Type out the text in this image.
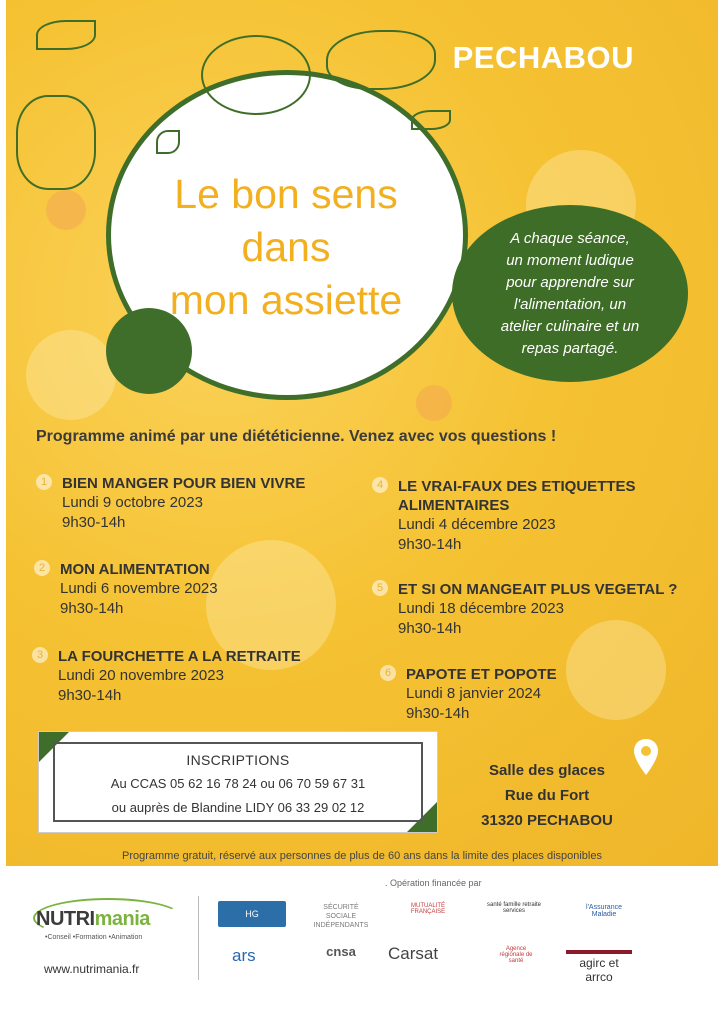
PECHABOU
Le bon sens
dans
mon assiette
A chaque séance,
un moment ludique
pour apprendre sur
l'alimentation, un
atelier culinaire et un
repas partagé.
Programme animé par une diététicienne. Venez avec vos questions !
1 BIEN MANGER POUR BIEN VIVRE
Lundi 9 octobre 2023
9h30-14h
2 MON ALIMENTATION
Lundi 6 novembre 2023
9h30-14h
3 LA FOURCHETTE A LA RETRAITE
Lundi 20 novembre 2023
9h30-14h
4 LE VRAI-FAUX DES ETIQUETTES
ALIMENTAIRES
Lundi 4 décembre 2023
9h30-14h
5 ET SI ON MANGEAIT PLUS VEGETAL ?
Lundi 18 décembre 2023
9h30-14h
6 PAPOTE ET POPOTE
Lundi 8 janvier 2024
9h30-14h
INSCRIPTIONS
Au CCAS 05 62 16 78 24 ou 06 70 59 67 31
ou auprès de Blandine LIDY 06 33 29 02 12
Salle des glaces
Rue du Fort
31320 PECHABOU
Programme gratuit, réservé aux personnes de plus de 60 ans dans la limite des places disponibles
. Opération financée par
NUTRImania
•Conseil •Formation •Animation
www.nutrimania.fr
HG
SÉCURITÉ SOCIALE INDÉPENDANTS
MUTUALITÉ FRANÇAISE
santé famille retraite services	l'Assurance Maladie
ars	cnsa	Carsat	Agence régionale de santé	agirc et arrco
